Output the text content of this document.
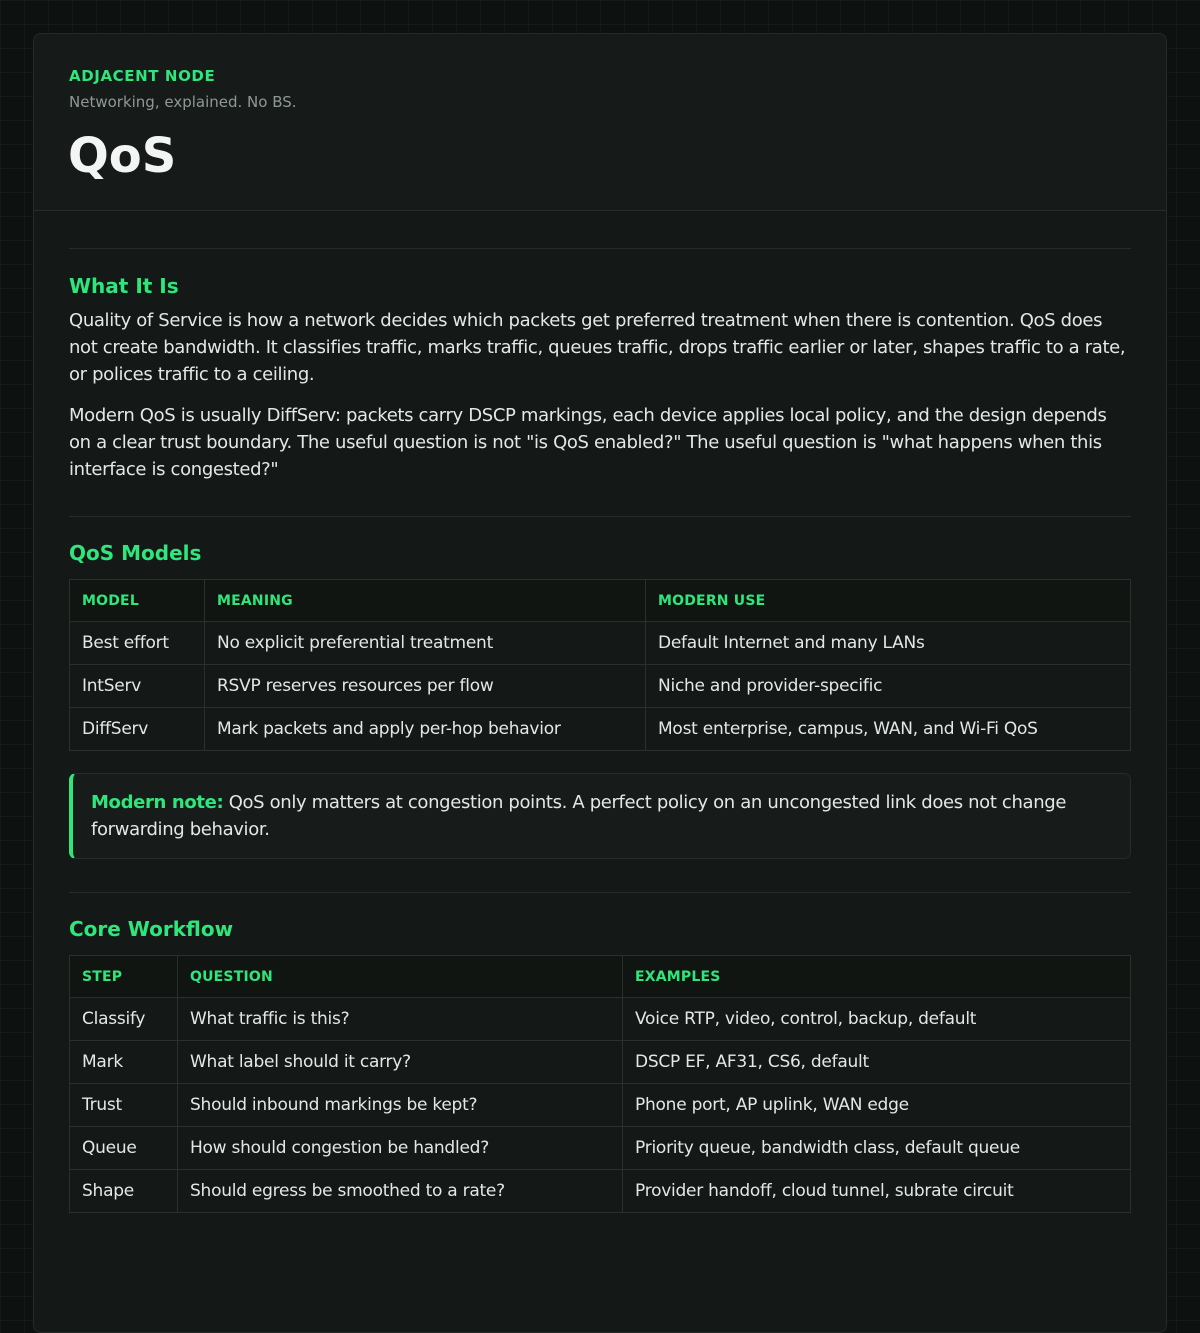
ADJACENT NODE
Networking, explained. No BS.
QoS
What It Is

Quality of Service is how a network decides which packets get preferred treatment when there is contention. QoS does not create bandwidth. It classifies traffic, marks traffic, queues traffic, drops traffic earlier or later, shapes traffic to a rate, or polices traffic to a ceiling.

Modern QoS is usually DiffServ: packets carry DSCP markings, each device applies local policy, and the design depends on a clear trust boundary. The useful question is not "is QoS enabled?" The useful question is "what happens when this interface is congested?"

QoS Models
MODEL	MEANING	MODERN USE
Best effort	No explicit preferential treatment	Default Internet and many LANs
IntServ	RSVP reserves resources per flow	Niche and provider-specific
DiffServ	Mark packets and apply per-hop behavior	Most enterprise, campus, WAN, and Wi-Fi QoS
Modern note: QoS only matters at congestion points. A perfect policy on an uncongested link does not change forwarding behavior.
Core Workflow
STEP	QUESTION	EXAMPLES
Classify	What traffic is this?	Voice RTP, video, control, backup, default
Mark	What label should it carry?	DSCP EF, AF31, CS6, default
Trust	Should inbound markings be kept?	Phone port, AP uplink, WAN edge
Queue	How should congestion be handled?	Priority queue, bandwidth class, default queue
Shape	Should egress be smoothed to a rate?	Provider handoff, cloud tunnel, subrate circuit
